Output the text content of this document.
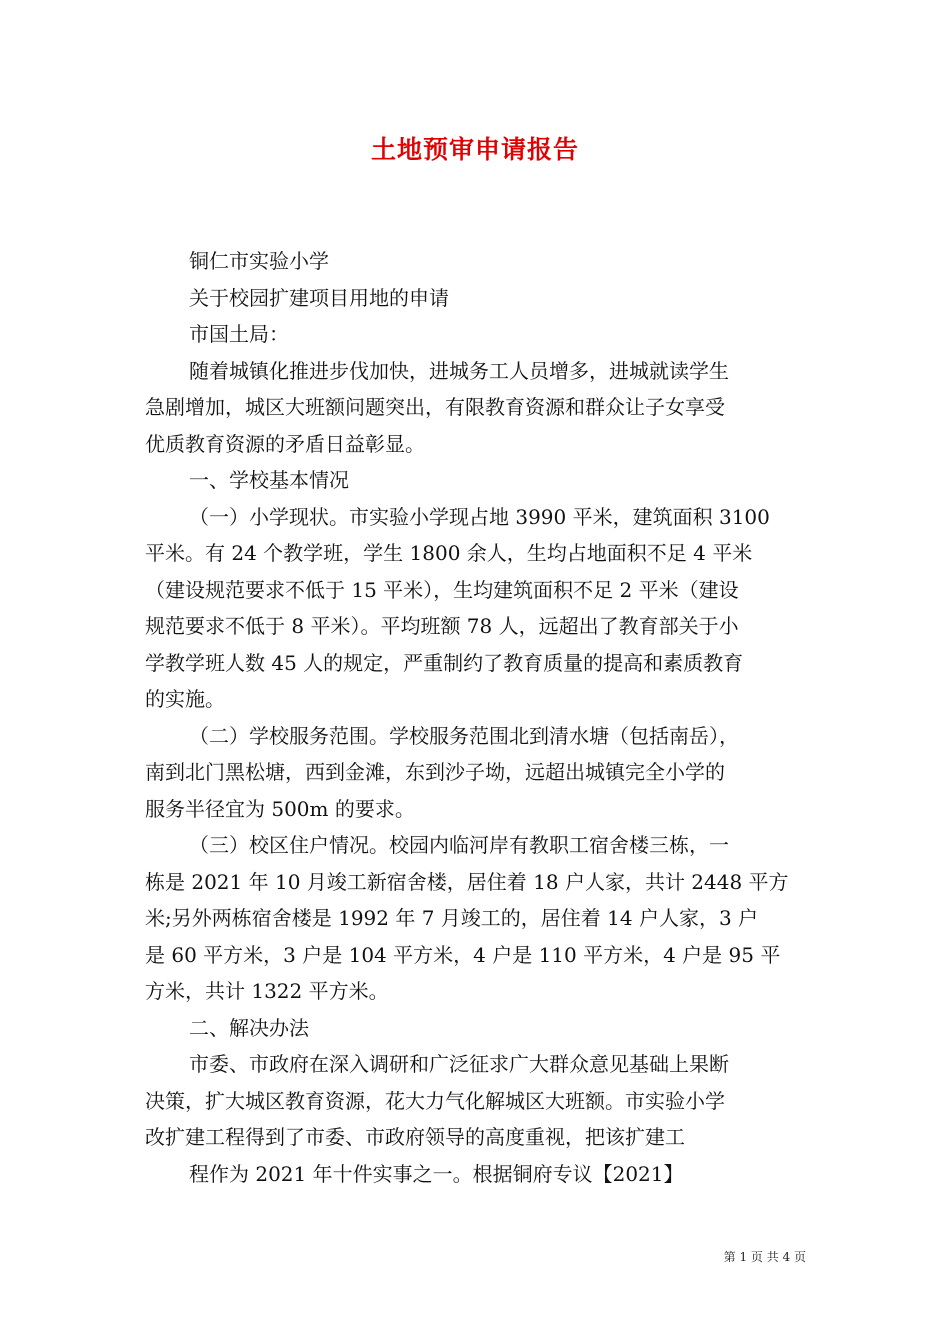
土地预审申请报告

铜仁市实验小学

关于校园扩建项目用地的申请

市国土局：

随着城镇化推进步伐加快，进城务工人员增多，进城就读学生

急剧增加，城区大班额问题突出，有限教育资源和群众让子女享受

优质教育资源的矛盾日益彰显。

一、学校基本情况

（一）小学现状。市实验小学现占地 3990 平米，建筑面积 3100

平米。有 24 个教学班，学生 1800 余人，生均占地面积不足 4 平米

（建设规范要求不低于 15 平米），生均建筑面积不足 2 平米（建设

规范要求不低于 8 平米）。平均班额 78 人，远超出了教育部关于小

学教学班人数 45 人的规定，严重制约了教育质量的提高和素质教育

的实施。

（二）学校服务范围。学校服务范围北到清水塘（包括南岳），

南到北门黑松塘，西到金滩，东到沙子坳，远超出城镇完全小学的

服务半径宜为 500m 的要求。

（三）校区住户情况。校园内临河岸有教职工宿舍楼三栋，一

栋是 2021 年 10 月竣工新宿舍楼，居住着 18 户人家，共计 2448 平方

米;另外两栋宿舍楼是 1992 年 7 月竣工的，居住着 14 户人家，3 户

是 60 平方米，3 户是 104 平方米，4 户是 110 平方米，4 户是 95 平

方米，共计 1322 平方米。

二、解决办法

市委、市政府在深入调研和广泛征求广大群众意见基础上果断

决策，扩大城区教育资源，花大力气化解城区大班额。市实验小学

改扩建工程得到了市委、市政府领导的高度重视，把该扩建工

程作为 2021 年十件实事之一。根据铜府专议【2021】

第 1 页 共 4 页
